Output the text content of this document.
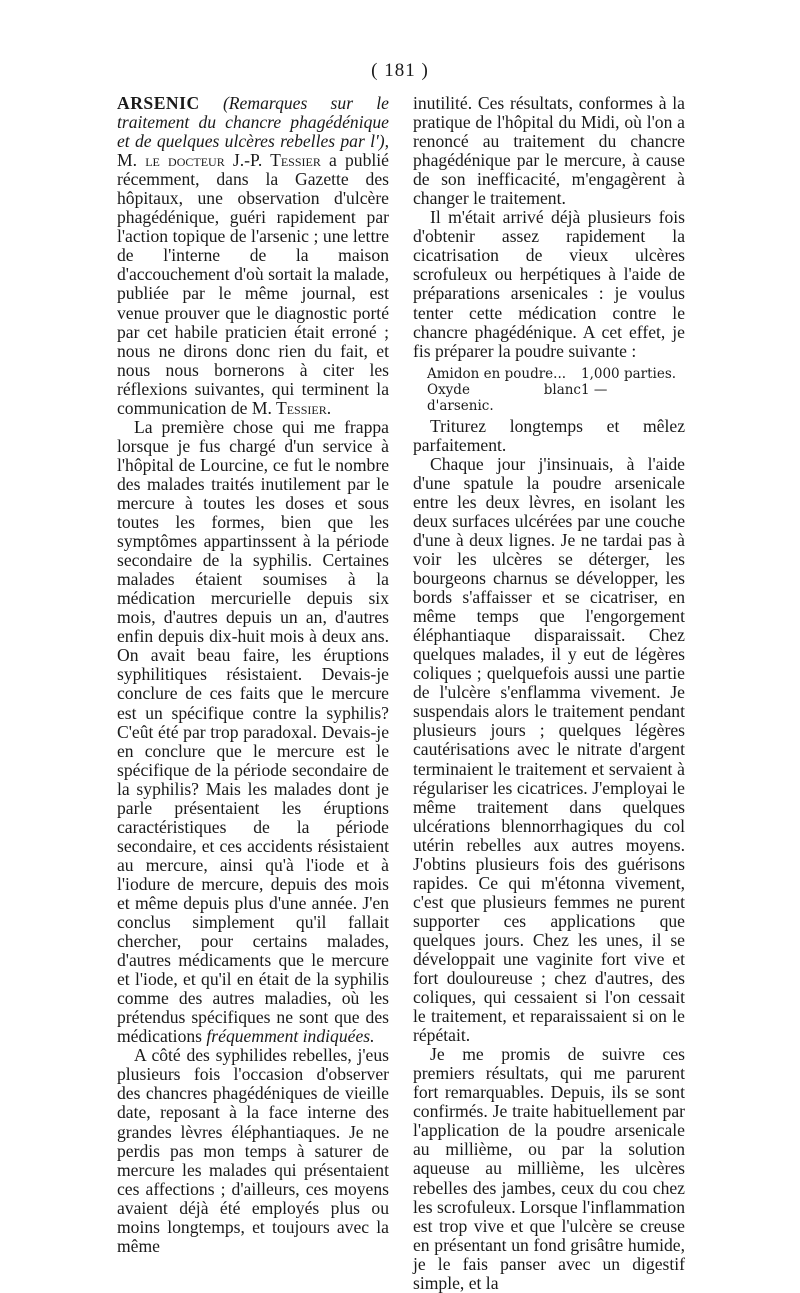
( 181 )

ARSENIC (Remarques sur le traitement du chancre phagédénique et de quelques ulcères rebelles par l'), M. le docteur J.-P. Tessier a publié récemment, dans la Gazette des hôpitaux, une observation d'ulcère phagédénique, guéri rapidement par l'action topique de l'arsenic ; une lettre de l'interne de la maison d'accouchement d'où sortait la malade, publiée par le même journal, est venue prouver que le diagnostic porté par cet habile praticien était erroné ; nous ne dirons donc rien du fait, et nous nous bornerons à citer les réflexions suivantes, qui terminent la communication de M. Tessier.

La première chose qui me frappa lorsque je fus chargé d'un service à l'hôpital de Lourcine, ce fut le nombre des malades traités inutilement par le mercure à toutes les doses et sous toutes les formes, bien que les symptômes appartinssent à la période secondaire de la syphilis. Certaines malades étaient soumises à la médication mercurielle depuis six mois, d'autres depuis un an, d'autres enfin depuis dix-huit mois à deux ans. On avait beau faire, les éruptions syphilitiques résistaient. Devais-je conclure de ces faits que le mercure est un spécifique contre la syphilis? C'eût été par trop paradoxal. Devais-je en conclure que le mercure est le spécifique de la période secondaire de la syphilis? Mais les malades dont je parle présentaient les éruptions caractéristiques de la période secondaire, et ces accidents résistaient au mercure, ainsi qu'à l'iode et à l'iodure de mercure, depuis des mois et même depuis plus d'une année. J'en conclus simplement qu'il fallait chercher, pour certains malades, d'autres médicaments que le mercure et l'iode, et qu'il en était de la syphilis comme des autres maladies, où les prétendus spécifiques ne sont que des médications fréquemment indiquées.

A côté des syphilides rebelles, j'eus plusieurs fois l'occasion d'observer des chancres phagédéniques de vieille date, reposant à la face interne des grandes lèvres éléphantiaques. Je ne perdis pas mon temps à saturer de mercure les malades qui présentaient ces affections ; d'ailleurs, ces moyens avaient déjà été employés plus ou moins longtemps, et toujours avec la même

inutilité. Ces résultats, conformes à la pratique de l'hôpital du Midi, où l'on a renoncé au traitement du chancre phagédénique par le mercure, à cause de son inefficacité, m'engagèrent à changer le traitement.

Il m'était arrivé déjà plusieurs fois d'obtenir assez rapidement la cicatrisation de vieux ulcères scrofuleux ou herpétiques à l'aide de préparations arsenicales : je voulus tenter cette médication contre le chancre phagédénique. A cet effet, je fis préparer la poudre suivante :

Amidon en poudre...	1,000 parties.
Oxyde blanc d'arsenic.
1 —

Triturez longtemps et mêlez parfaitement.

Chaque jour j'insinuais, à l'aide d'une spatule la poudre arsenicale entre les deux lèvres, en isolant les deux surfaces ulcérées par une couche d'une à deux lignes. Je ne tardai pas à voir les ulcères se déterger, les bourgeons charnus se développer, les bords s'affaisser et se cicatriser, en même temps que l'engorgement éléphantiaque disparaissait. Chez quelques malades, il y eut de légères coliques ; quelquefois aussi une partie de l'ulcère s'enflamma vivement. Je suspendais alors le traitement pendant plusieurs jours ; quelques légères cautérisations avec le nitrate d'argent terminaient le traitement et servaient à régulariser les cicatrices. J'employai le même traitement dans quelques ulcérations blennorrhagiques du col utérin rebelles aux autres moyens. J'obtins plusieurs fois des guérisons rapides. Ce qui m'étonna vivement, c'est que plusieurs femmes ne purent supporter ces applications que quelques jours. Chez les unes, il se développait une vaginite fort vive et fort douloureuse ; chez d'autres, des coliques, qui cessaient si l'on cessait le traitement, et reparaissaient si on le répétait.

Je me promis de suivre ces premiers résultats, qui me parurent fort remarquables. Depuis, ils se sont confirmés. Je traite habituellement par l'application de la poudre arsenicale au millième, ou par la solution aqueuse au millième, les ulcères rebelles des jambes, ceux du cou chez les scrofuleux. Lorsque l'inflammation est trop vive et que l'ulcère se creuse en présentant un fond grisâtre humide, je le fais panser avec un digestif simple, et la
